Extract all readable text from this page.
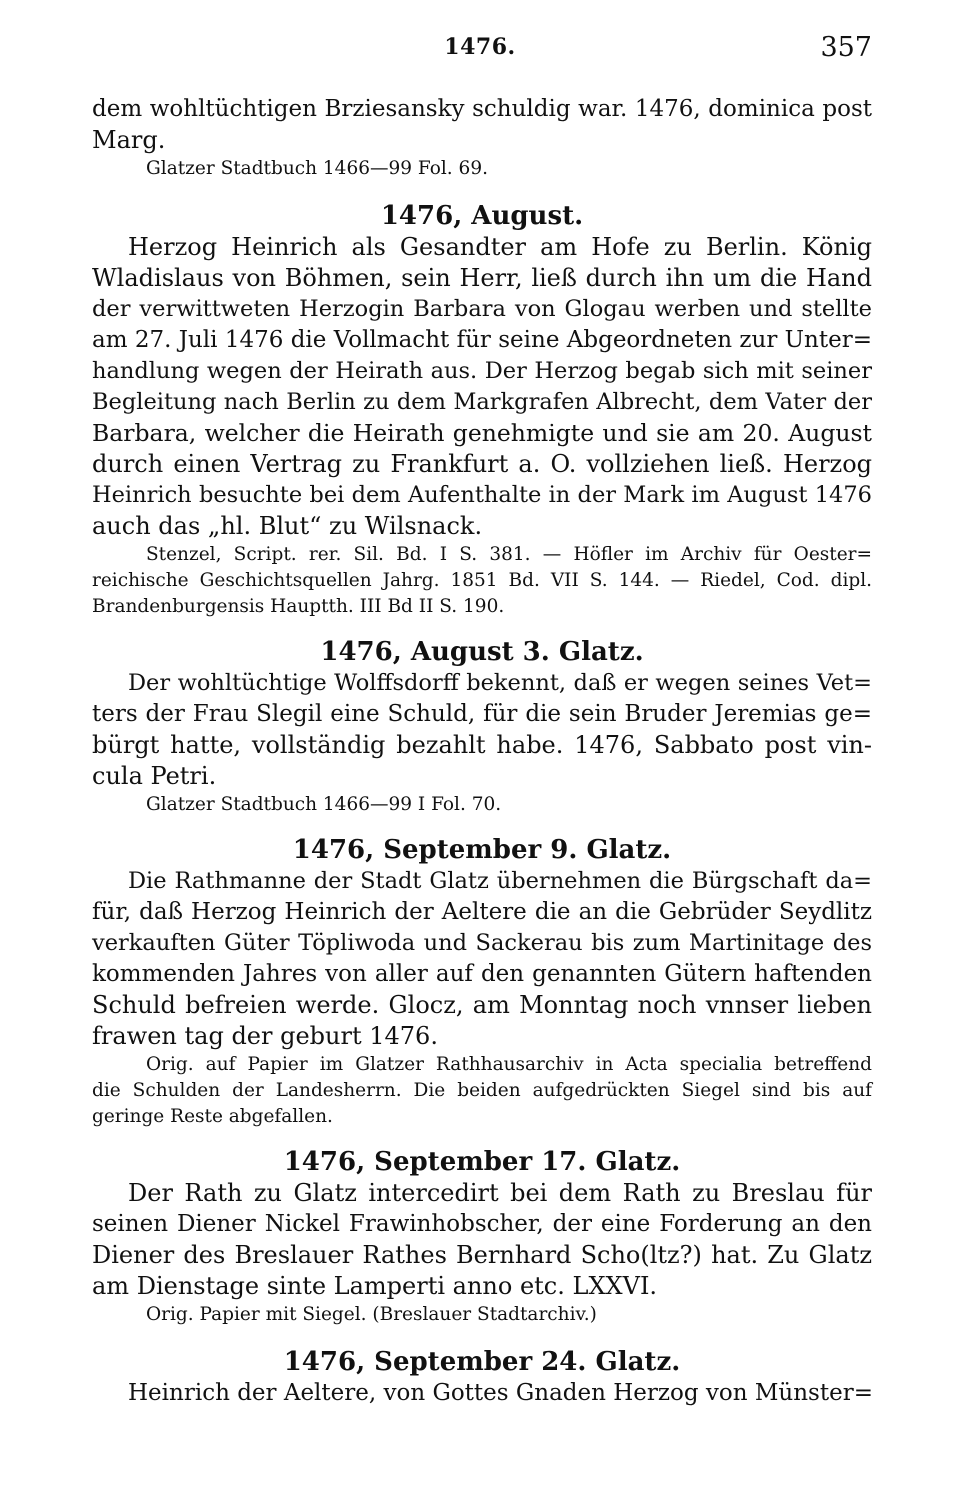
1476.	357
dem wohltüchtigen Brziesansky schuldig war. 1476, dominica post
Marg.
Glatzer Stadtbuch 1466—99 Fol. 69.
1476, August.
Herzog Heinrich als Gesandter am Hofe zu Berlin. König
Wladislaus von Böhmen, sein Herr, ließ durch ihn um die Hand
der verwittweten Herzogin Barbara von Glogau werben und stellte
am 27. Juli 1476 die Vollmacht für seine Abgeordneten zur Unter=
handlung wegen der Heirath aus. Der Herzog begab sich mit seiner
Begleitung nach Berlin zu dem Markgrafen Albrecht, dem Vater der
Barbara, welcher die Heirath genehmigte und sie am 20. August
durch einen Vertrag zu Frankfurt a. O. vollziehen ließ. Herzog
Heinrich besuchte bei dem Aufenthalte in der Mark im August 1476
auch das „hl. Blut“ zu Wilsnack.
Stenzel, Script. rer. Sil. Bd. I S. 381. — Höfler im Archiv für Oester=
reichische Geschichtsquellen Jahrg. 1851 Bd. VII S. 144. — Riedel, Cod. dipl.
Brandenburgensis Hauptth. III Bd II S. 190.
1476, August 3. Glatz.
Der wohltüchtige Wolffsdorff bekennt, daß er wegen seines Vet=
ters der Frau Slegil eine Schuld, für die sein Bruder Jeremias ge=
bürgt hatte, vollständig bezahlt habe. 1476, Sabbato post vin-
cula Petri.
Glatzer Stadtbuch 1466—99 I Fol. 70.
1476, September 9. Glatz.
Die Rathmanne der Stadt Glatz übernehmen die Bürgschaft da=
für, daß Herzog Heinrich der Aeltere die an die Gebrüder Seydlitz
verkauften Güter Töpliwoda und Sackerau bis zum Martinitage des
kommenden Jahres von aller auf den genannten Gütern haftenden
Schuld befreien werde. Glocz, am Monntag noch vnnser lieben
frawen tag der geburt 1476.
Orig. auf Papier im Glatzer Rathhausarchiv in Acta specialia betreffend
die Schulden der Landesherrn. Die beiden aufgedrückten Siegel sind bis auf
geringe Reste abgefallen.
1476, September 17. Glatz.
Der Rath zu Glatz intercedirt bei dem Rath zu Breslau für
seinen Diener Nickel Frawinhobscher, der eine Forderung an den
Diener des Breslauer Rathes Bernhard Scho(ltz?) hat. Zu Glatz
am Dienstage sinte Lamperti anno etc. LXXVI.
Orig. Papier mit Siegel. (Breslauer Stadtarchiv.)
1476, September 24. Glatz.
Heinrich der Aeltere, von Gottes Gnaden Herzog von Münster=
